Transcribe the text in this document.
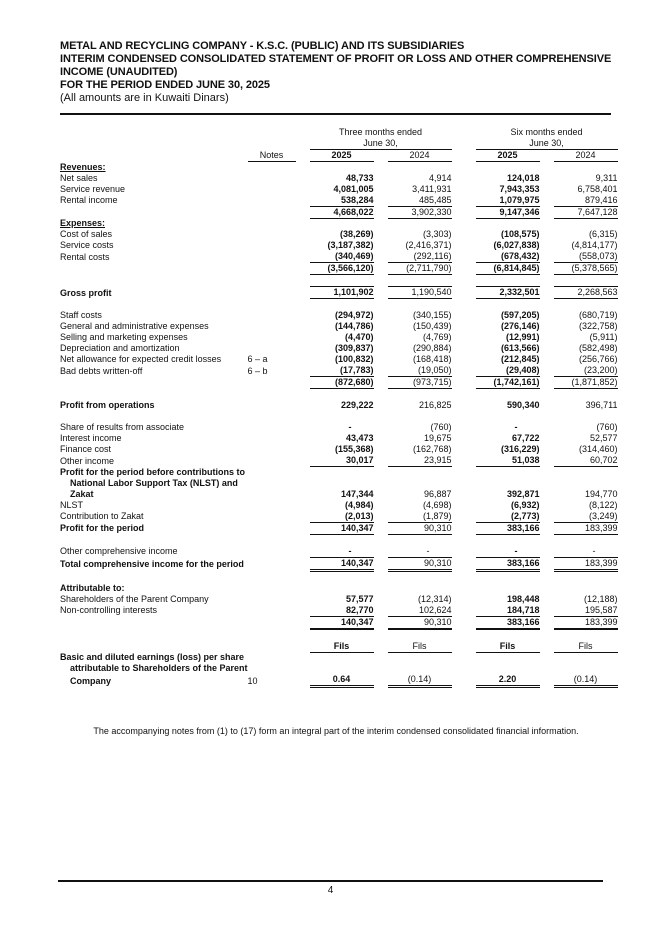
METAL AND RECYCLING COMPANY - K.S.C. (PUBLIC) AND ITS SUBSIDIARIES
INTERIM CONDENSED CONSOLIDATED STATEMENT OF PROFIT OR LOSS AND OTHER COMPREHENSIVE
INCOME (UNAUDITED)
FOR THE PERIOD ENDED JUNE 30, 2025
(All amounts are in Kuwaiti Dinars)
			Three months ended				Six months ended		
			June 30,				June 30,		
	Notes		2025		2024		2025		2024
Revenues:									
Net sales			48,733		4,914		124,018		9,311
Service revenue			4,081,005		3,411,931		7,943,353		6,758,401
Rental income			538,284		485,485		1,079,975		879,416
			4,668,022		3,902,330		9,147,346		7,647,128
Expenses:									
Cost of sales			(38,269)		(3,303)		(108,575)		(6,315)
Service costs			(3,187,382)		(2,416,371)		(6,027,838)		(4,814,177)
Rental costs			(340,469)		(292,116)		(678,432)		(558,073)
			(3,566,120)		(2,711,790)		(6,814,845)		(5,378,565)

Gross profit			1,101,902		1,190,540		2,332,501		2,268,563

Staff costs			(294,972)		(340,155)		(597,205)		(680,719)
General and administrative expenses			(144,786)		(150,439)		(276,146)		(322,758)
Selling and marketing expenses			(4,470)		(4,769)		(12,991)		(5,911)
Depreciation and amortization			(309,837)		(290,884)		(613,566)		(582,498)
Net allowance for expected credit losses	6 – a		(100,832)		(168,418)		(212,845)		(256,766)
Bad debts written-off	6 – b		(17,783)		(19,050)		(29,408)		(23,200)
			(872,680)		(973,715)		(1,742,161)		(1,871,852)

Profit from operations			229,222		216,825		590,340		396,711

Share of results from associate			-		(760)		-		(760)
Interest income			43,473		19,675		67,722		52,577
Finance cost			(155,368)		(162,768)		(316,229)		(314,460)
Other income			30,017		23,915		51,038		60,702
Profit for the period before contributions to									
National Labor Support Tax (NLST) and									
Zakat			147,344		96,887		392,871		194,770
NLST			(4,984)		(4,698)		(6,932)		(8,122)
Contribution to Zakat			(2,013)		(1,879)		(2,773)		(3,249)
Profit for the period			140,347		90,310		383,166		183,399

Other comprehensive income			-		-		-		-
Total comprehensive income for the period			140,347		90,310		383,166		183,399

Attributable to:									
Shareholders of the Parent Company			57,577		(12,314)		198,448		(12,188)
Non-controlling interests			82,770		102,624		184,718		195,587
			140,347		90,310		383,166		183,399

			Fils		Fils		Fils		Fils
Basic and diluted earnings (loss) per share									
attributable to Shareholders of the Parent									
Company	10		0.64		(0.14)		2.20		(0.14)
The accompanying notes from (1) to (17) form an integral part of the interim condensed consolidated financial information.
4
